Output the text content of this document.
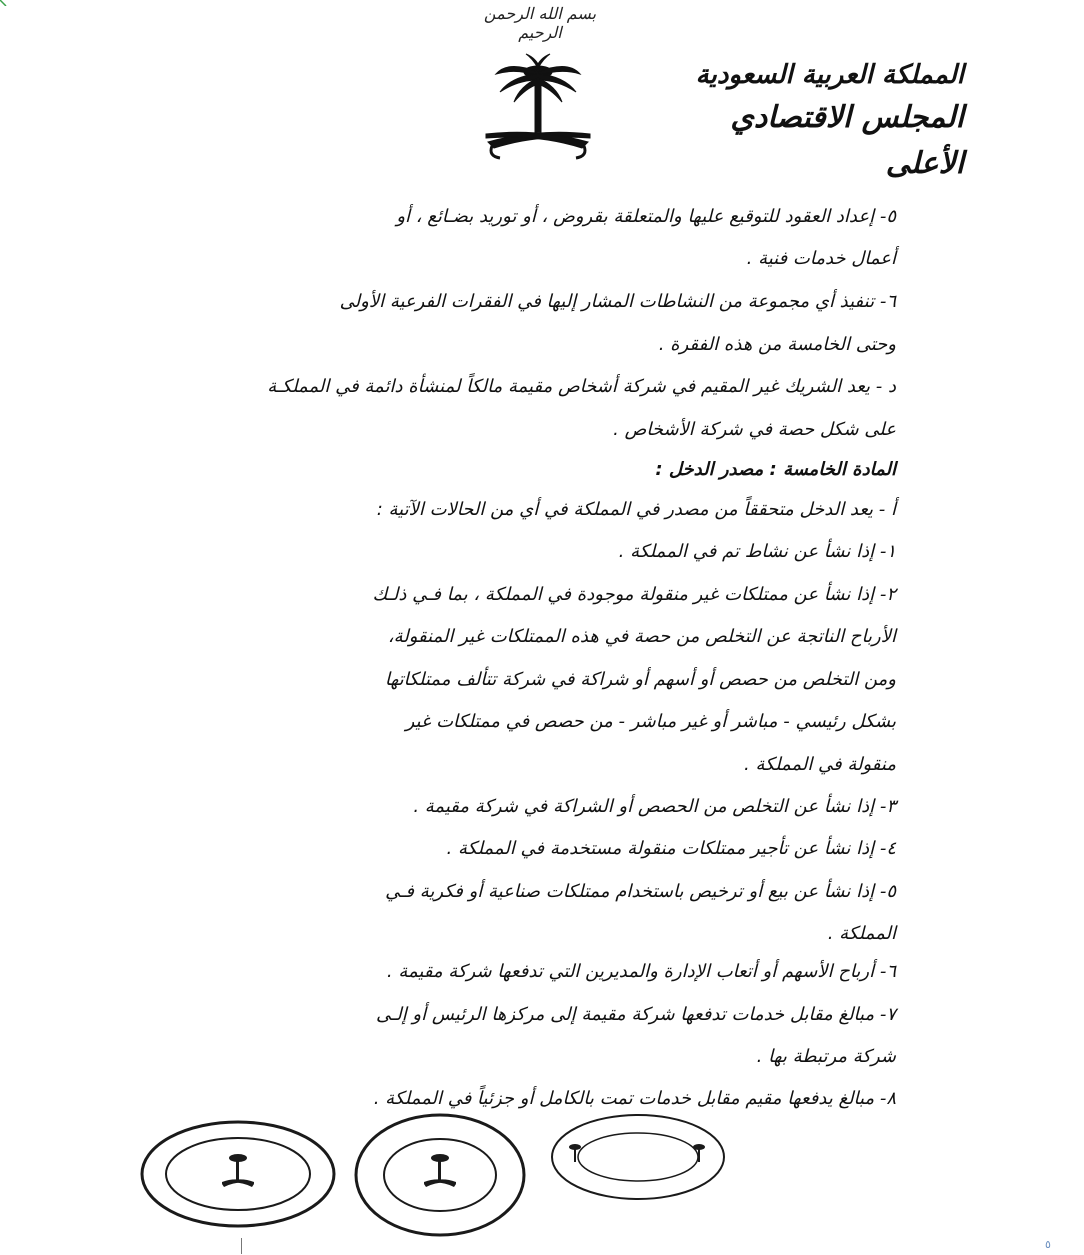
بسم الله الرحمن الرحيم
المملكة العربية السعودية
المجلس الاقتصادي الأعلى
٥- إعداد العقود للتوقيع عليها والمتعلقة بقروض ، أو توريد بضـائع ، أو
أعمال خدمات فنية .
٦- تنفيذ أي مجموعة من النشاطات المشار إليها في الفقرات الفرعية الأولى
وحتى الخامسة من هذه الفقرة .
د - يعد الشريك غير المقيم في شركة أشخاص مقيمة مالكاً لمنشأة دائمة في المملكـة
على شكل حصة في شركة الأشخاص .
المادة الخامسة : مصدر الدخل :
أ - يعد الدخل متحققاً من مصدر في المملكة في أي من الحالات الآتية :
١- إذا نشأ عن نشاط تم في المملكة .
٢- إذا نشأ عن ممتلكات غير منقولة موجودة في المملكة ، بما فـي ذلـك
الأرباح الناتجة عن التخلص من حصة في هذه الممتلكات غير المنقولة،
ومن التخلص من حصص أو أسهم أو شراكة في شركة تتألف ممتلكاتها
بشكل رئيسي - مباشر أو غير مباشر - من حصص في ممتلكات غير
منقولة في المملكة .
٣- إذا نشأ عن التخلص من الحصص أو الشراكة في شركة مقيمة .
٤- إذا نشأ عن تأجير ممتلكات منقولة مستخدمة في المملكة .
٥- إذا نشأ عن بيع أو ترخيص باستخدام ممتلكات صناعية أو فكرية فـي
المملكة .
٦- أرباح الأسهم أو أتعاب الإدارة والمديرين التي تدفعها شركة مقيمة .
٧- مبالغ مقابل خدمات تدفعها شركة مقيمة إلى مركزها الرئيس أو إلـى
شركة مرتبطة بها .
٨- مبالغ يدفعها مقيم مقابل خدمات تمت بالكامل أو جزئياً في المملكة .
٥
